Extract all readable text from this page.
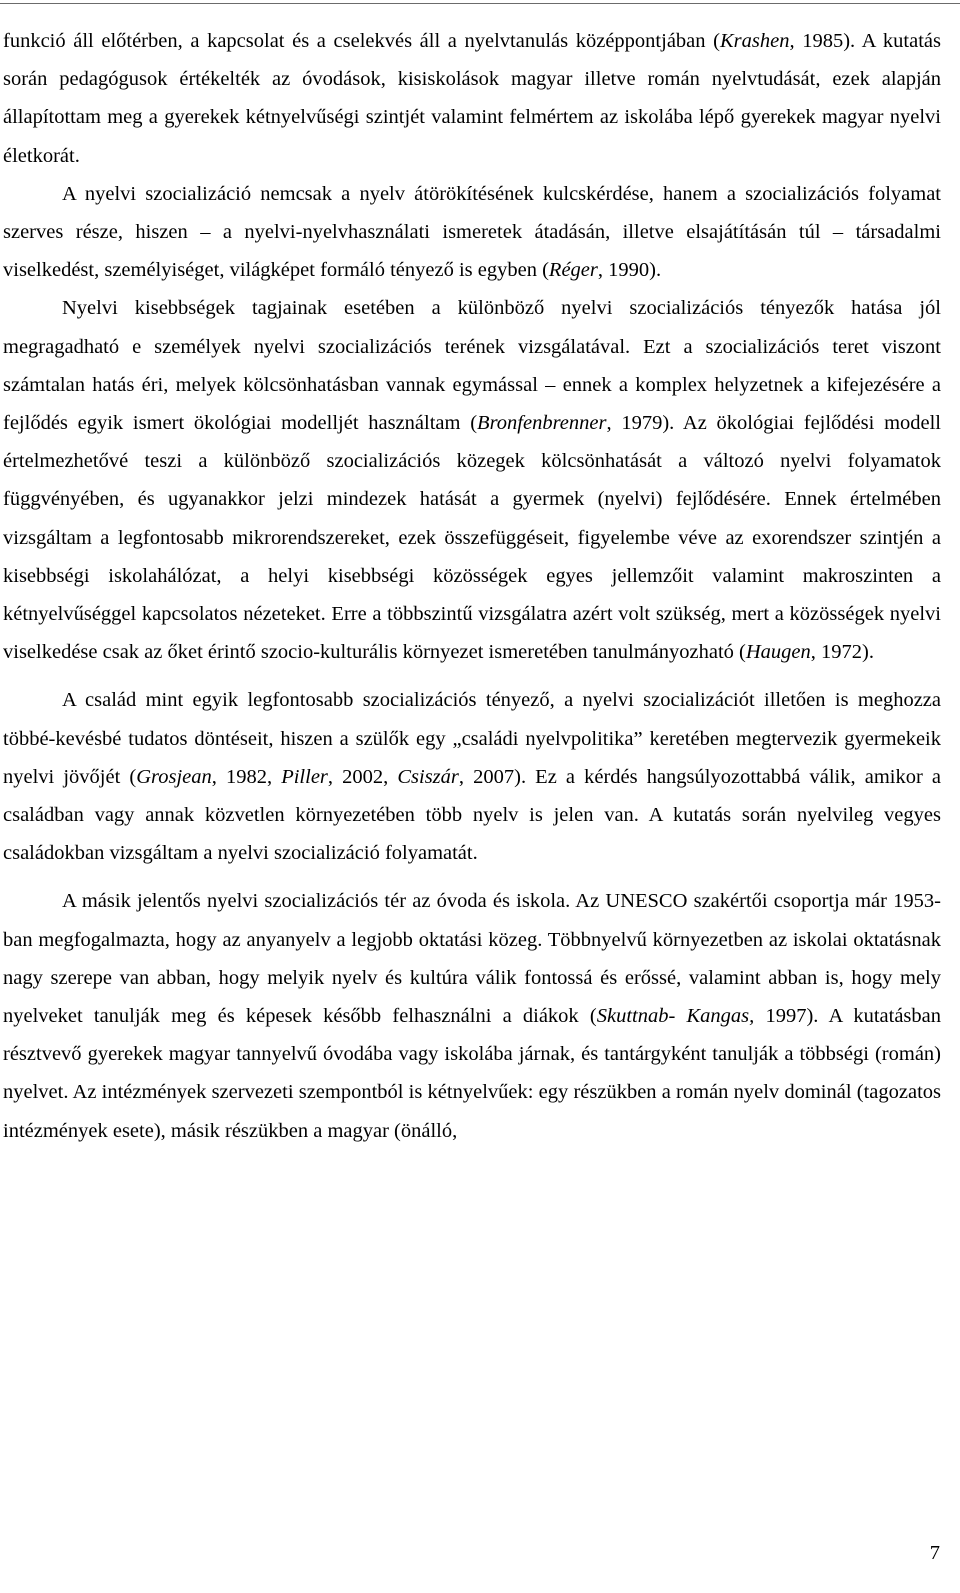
funkció áll előtérben, a kapcsolat és a cselekvés áll a nyelvtanulás középpontjában (Krashen, 1985). A kutatás során pedagógusok értékelték az óvodások, kisiskolások magyar illetve román nyelvtudását, ezek alapján állapítottam meg a gyerekek kétnyelvűségi szintjét valamint felmértem az iskolába lépő gyerekek magyar nyelvi életkorát.

A nyelvi szocializáció nemcsak a nyelv átörökítésének kulcskérdése, hanem a szocializációs folyamat szerves része, hiszen – a nyelvi-nyelvhasználati ismeretek átadásán, illetve elsajátításán túl – társadalmi viselkedést, személyiséget, világképet formáló tényező is egyben (Réger, 1990).

Nyelvi kisebbségek tagjainak esetében a különböző nyelvi szocializációs tényezők hatása jól megragadható e személyek nyelvi szocializációs terének vizsgálatával. Ezt a szocializációs teret viszont számtalan hatás éri, melyek kölcsönhatásban vannak egymással – ennek a komplex helyzetnek a kifejezésére a fejlődés egyik ismert ökológiai modelljét használtam (Bronfenbrenner, 1979). Az ökológiai fejlődési modell értelmezhetővé teszi a különböző szocializációs közegek kölcsönhatását a változó nyelvi folyamatok függvényében, és ugyanakkor jelzi mindezek hatását a gyermek (nyelvi) fejlődésére. Ennek értelmében vizsgáltam a legfontosabb mikrorendszereket, ezek összefüggéseit, figyelembe véve az exorendszer szintjén a kisebbségi iskolahálózat, a helyi kisebbségi közösségek egyes jellemzőit valamint makroszinten a kétnyelvűséggel kapcsolatos nézeteket. Erre a többszintű vizsgálatra azért volt szükség, mert a közösségek nyelvi viselkedése csak az őket érintő szocio-kulturális környezet ismeretében tanulmányozható (Haugen, 1972).

A család mint egyik legfontosabb szocializációs tényező, a nyelvi szocializációt illetően is meghozza többé-kevésbé tudatos döntéseit, hiszen a szülők egy „családi nyelvpolitika” keretében megtervezik gyermekeik nyelvi jövőjét (Grosjean, 1982, Piller, 2002, Csiszár, 2007). Ez a kérdés hangsúlyozottabbá válik, amikor a családban vagy annak közvetlen környezetében több nyelv is jelen van. A kutatás során nyelvileg vegyes családokban vizsgáltam a nyelvi szocializáció folyamatát.

A másik jelentős nyelvi szocializációs tér az óvoda és iskola. Az UNESCO szakértői csoportja már 1953-ban megfogalmazta, hogy az anyanyelv a legjobb oktatási közeg. Többnyelvű környezetben az iskolai oktatásnak nagy szerepe van abban, hogy melyik nyelv és kultúra válik fontossá és erőssé, valamint abban is, hogy mely nyelveket tanulják meg és képesek később felhasználni a diákok (Skuttnab- Kangas, 1997). A kutatásban résztvevő gyerekek magyar tannyelvű óvodába vagy iskolába járnak, és tantárgyként tanulják a többségi (román) nyelvet. Az intézmények szervezeti szempontból is kétnyelvűek: egy részükben a román nyelv dominál (tagozatos intézmények esete), másik részükben a magyar (önálló,

7
